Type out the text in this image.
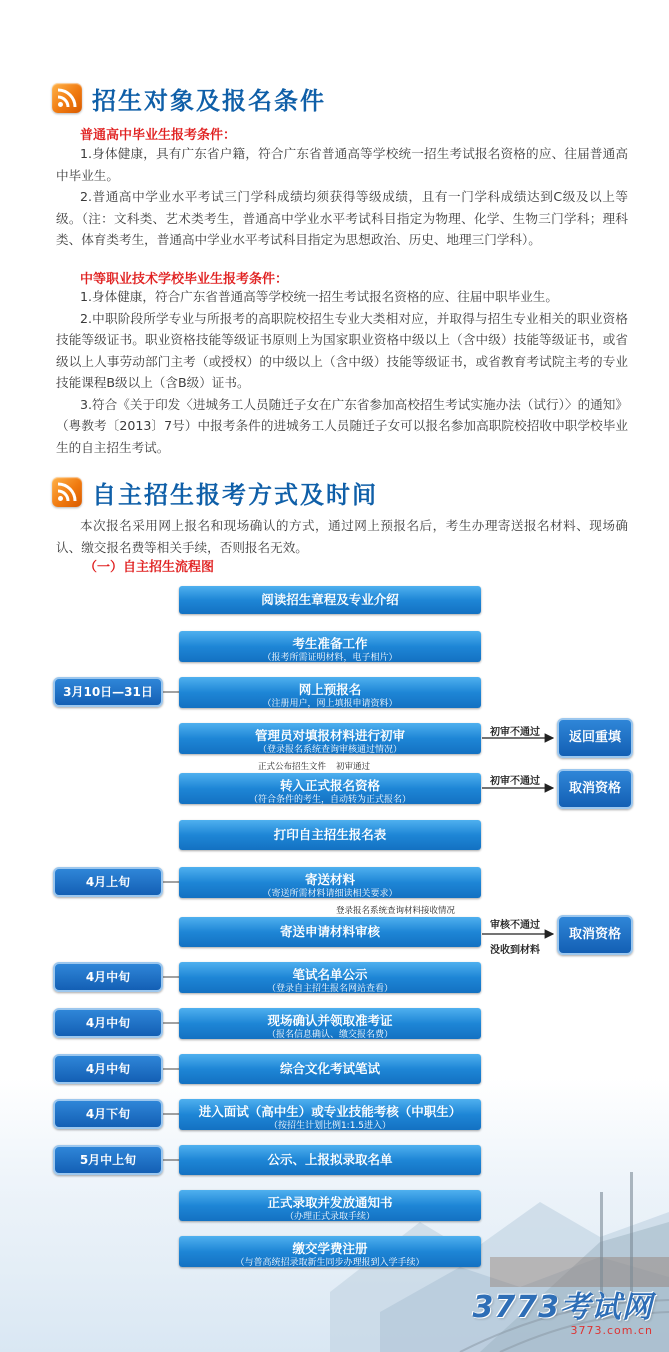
招生对象及报名条件
普通高中毕业生报考条件：

1.身体健康，具有广东省户籍，符合广东省普通高等学校统一招生考试报名资格的应、往届普通高中毕业生。

2.普通高中学业水平考试三门学科成绩均须获得等级成绩，且有一门学科成绩达到C级及以上等级。（注：文科类、艺术类考生，普通高中学业水平考试科目指定为物理、化学、生物三门学科；理科类、体育类考生，普通高中学业水平考试科目指定为思想政治、历史、地理三门学科）。

中等职业技术学校毕业生报考条件：

1.身体健康，符合广东省普通高等学校统一招生考试报名资格的应、往届中职毕业生。

2.中职阶段所学专业与所报考的高职院校招生专业大类相对应，并取得与招生专业相关的职业资格技能等级证书。职业资格技能等级证书原则上为国家职业资格中级以上（含中级）技能等级证书，或省级以上人事劳动部门主考（或授权）的中级以上（含中级）技能等级证书，或省教育考试院主考的专业技能课程B级以上（含B级）证书。

3.符合《关于印发〈进城务工人员随迁子女在广东省参加高校招生考试实施办法（试行）〉的通知》（粤教考〔2013〕7号）中报考条件的进城务工人员随迁子女可以报名参加高职院校招收中职学校毕业生的自主招生考试。

自主招生报考方式及时间

本次报名采用网上报名和现场确认的方式，通过网上预报名后，考生办理寄送报名材料、现场确认、缴交报名费等相关手续，否则报名无效。

（一）自主招生流程图
阅读招生章程及专业介绍
考生准备工作
（报考所需证明材料，电子相片）
网上预报名
（注册用户，网上填报申请资料）
管理员对填报材料进行初审
（登录报名系统查询审核通过情况）
正式公布招生文件 初审通过
转入正式报名资格
（符合条件的考生，自动转为正式报名）
打印自主招生报名表
寄送材料
（寄送所需材料请细读相关要求）
登录报名系统查询材料接收情况
寄送申请材料审核
笔试名单公示
（登录自主招生报名网站查看）
现场确认并领取准考证
（报名信息确认、缴交报名费）
综合文化考试笔试
进入面试（高中生）或专业技能考核（中职生）
（按招生计划比例1:1.5进入）
公示、上报拟录取名单
正式录取并发放通知书
（办理正式录取手续）
缴交学费注册
（与普高统招录取新生同步办理报到入学手续）
3月10日—31日
4月上旬
4月中旬
4月中旬
4月中旬
4月下旬
5月中上旬
初审不通过	返回重填
初审不通过	取消资格
审核不通过
没收到材料
取消资格
3773考试网
3773.com.cn
